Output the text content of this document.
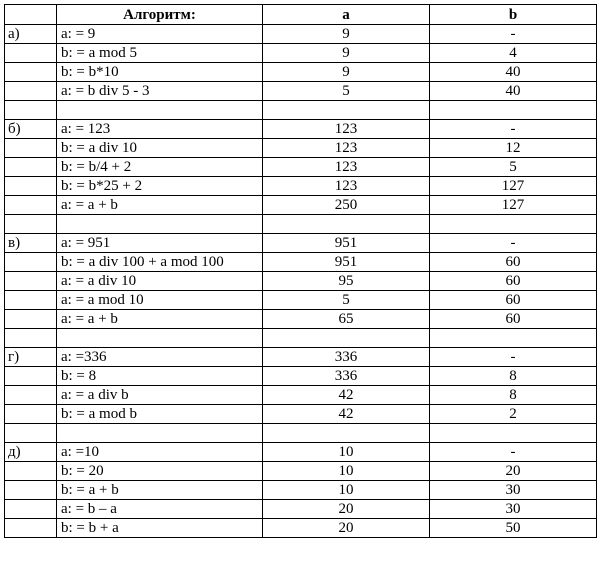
	Алгоритм:	a	b
а)	a: = 9	9	-
	b: = a mod 5	9	4
	b: = b*10	9	40
	a: = b div 5 - 3	5	40

б)	a: = 123	123	-
	b: = a div 10	123	12
	b: = b/4 + 2	123	5
	b: = b*25 + 2	123	127
	a: = a + b	250	127

в)	a: = 951	951	-
	b: = a div 100 + a mod 100	951	60
	a: = a div 10	95	60
	a: = a mod 10	5	60
	a: = a + b	65	60

г)	a: =336	336	-
	b: = 8	336	8
	a: = a div b	42	8
	b: = a mod b	42	2

д)	a: =10	10	-
	b: = 20	10	20
	b: = a + b	10	30
	a: = b – a	20	30
	b: = b + a	20	50
